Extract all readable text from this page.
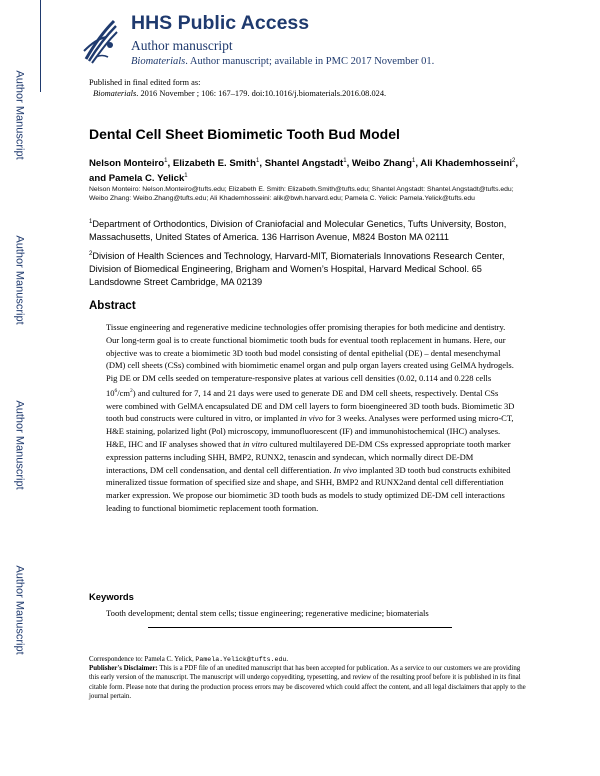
Author Manuscript
Author Manuscript
Author Manuscript
Author Manuscript
HHS Public Access
Author manuscript
Biomaterials. Author manuscript; available in PMC 2017 November 01.
Published in final edited form as:
Biomaterials. 2016 November ; 106: 167–179. doi:10.1016/j.biomaterials.2016.08.024.
Dental Cell Sheet Biomimetic Tooth Bud Model
Nelson Monteiro$^1$, Elizabeth E. Smith$^1$, Shantel Angstadt$^1$, Weibo Zhang$^1$, Ali Khademhosseini$^2$, and Pamela C. Yelick$^1$
Nelson Monteiro: Nelson.Monteiro@tufts.edu; Elizabeth E. Smith: Elizabeth.Smith@tufts.edu; Shantel Angstadt: Shantel.Angstadt@tufts.edu; Weibo Zhang: Weibo.Zhang@tufts.edu; Ali Khademhosseini: alik@bwh.harvard.edu; Pamela C. Yelick: Pamela.Yelick@tufts.edu
$^1$Department of Orthodontics, Division of Craniofacial and Molecular Genetics, Tufts University, Boston, Massachusetts, United States of America. 136 Harrison Avenue, M824 Boston MA 02111
$^2$Division of Health Sciences and Technology, Harvard-MIT, Biomaterials Innovations Research Center, Division of Biomedical Engineering, Brigham and Women’s Hospital, Harvard Medical School. 65 Landsdowne Street Cambridge, MA 02139
Abstract
Tissue engineering and regenerative medicine technologies offer promising therapies for both medicine and dentistry. Our long-term goal is to create functional biomimetic tooth buds for eventual tooth replacement in humans. Here, our objective was to create a biomimetic 3D tooth bud model consisting of dental epithelial (DE) – dental mesenchymal (DM) cell sheets (CSs) combined with biomimetic enamel organ and pulp organ layers created using GelMA hydrogels. Pig DE or DM cells seeded on temperature-responsive plates at various cell densities (0.02, 0.114 and 0.228 cells $10^6/cm^2$) and cultured for 7, 14 and 21 days were used to generate DE and DM cell sheets, respectively. Dental CSs were combined with GelMA encapsulated DE and DM cell layers to form bioengineered 3D tooth buds. Biomimetic 3D tooth bud constructs were cultured in vitro, or implanted in vivo for 3 weeks. Analyses were performed using micro-CT, H&E staining, polarized light (Pol) microscopy, immunofluorescent (IF) and immunohistochemical (IHC) analyses. H&E, IHC and IF analyses showed that in vitro cultured multilayered DE-DM CSs expressed appropriate tooth marker expression patterns including SHH, BMP2, RUNX2, tenascin and syndecan, which normally direct DE-DM interactions, DM cell condensation, and dental cell differentiation. In vivo implanted 3D tooth bud constructs exhibited mineralized tissue formation of specified size and shape, and SHH, BMP2 and RUNX2and dental cell differentiation marker expression. We propose our biomimetic 3D tooth buds as models to study optimized DE-DM cell interactions leading to functional biomimetic replacement tooth formation.
Keywords
Tooth development; dental stem cells; tissue engineering; regenerative medicine; biomaterials
Correspondence to: Pamela C. Yelick, Pamela.Yelick@tufts.edu.
Publisher's Disclaimer: This is a PDF file of an unedited manuscript that has been accepted for publication. As a service to our customers we are providing this early version of the manuscript. The manuscript will undergo copyediting, typesetting, and review of the resulting proof before it is published in its final citable form. Please note that during the production process errors may be discovered which could affect the content, and all legal disclaimers that apply to the journal pertain.
